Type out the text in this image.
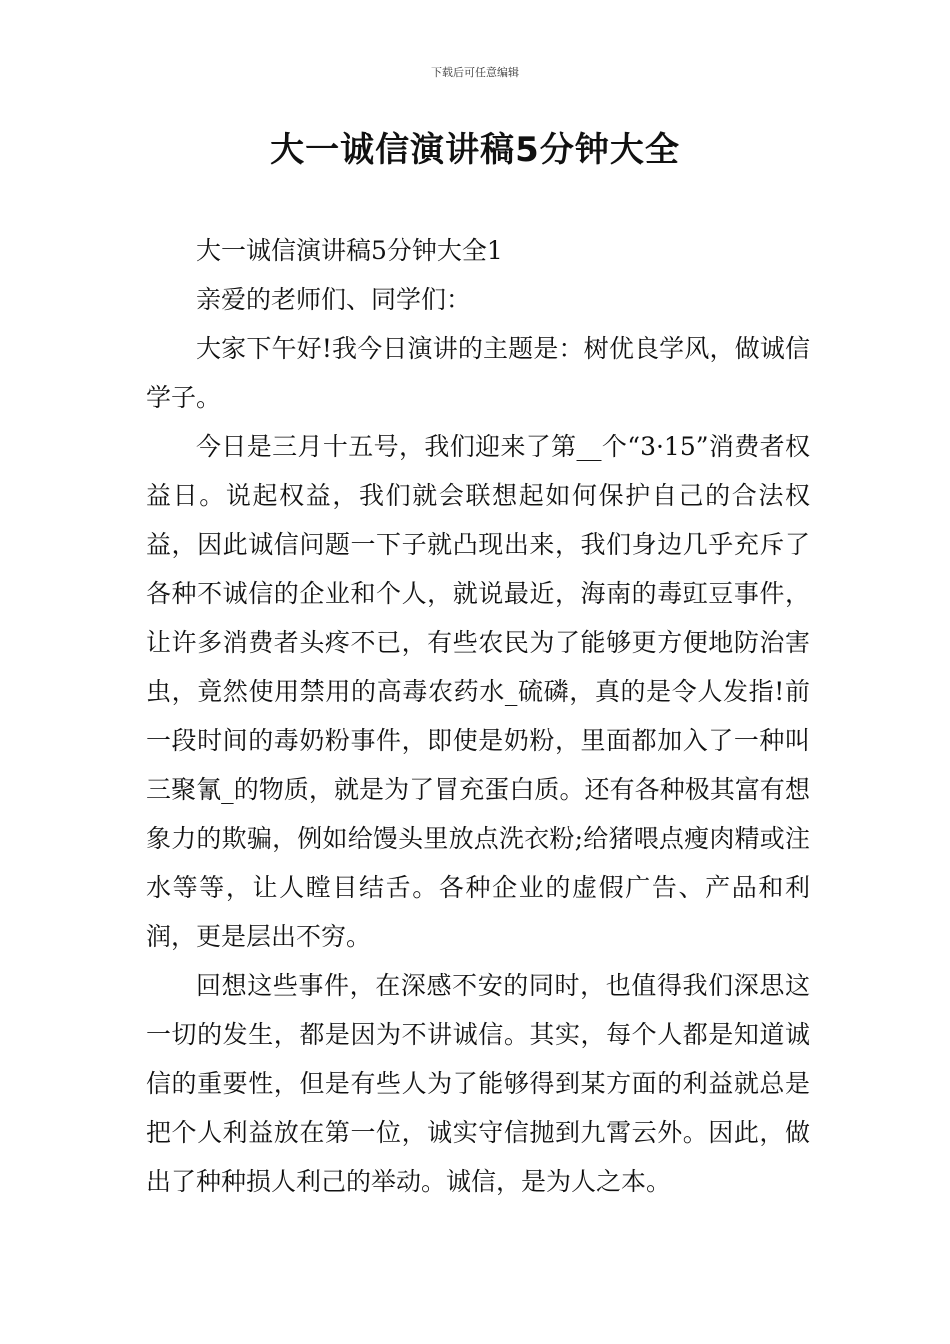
下载后可任意编辑
大一诚信演讲稿5分钟大全

大一诚信演讲稿5分钟大全1

亲爱的老师们、同学们：

大家下午好!我今日演讲的主题是：树优良学风，做诚信学子。

今日是三月十五号，我们迎来了第__个“3·15”消费者权益日。说起权益，我们就会联想起如何保护自己的合法权益，因此诚信问题一下子就凸现出来，我们身边几乎充斥了各种不诚信的企业和个人，就说最近，海南的毒豇豆事件，让许多消费者头疼不已，有些农民为了能够更方便地防治害虫，竟然使用禁用的高毒农药水_硫磷，真的是令人发指!前一段时间的毒奶粉事件，即使是奶粉，里面都加入了一种叫三聚氰_的物质，就是为了冒充蛋白质。还有各种极其富有想象力的欺骗，例如给馒头里放点洗衣粉;给猪喂点瘦肉精或注水等等，让人瞠目结舌。各种企业的虚假广告、产品和利润，更是层出不穷。

回想这些事件，在深感不安的同时，也值得我们深思这一切的发生，都是因为不讲诚信。其实，每个人都是知道诚信的重要性，但是有些人为了能够得到某方面的利益就总是把个人利益放在第一位，诚实守信抛到九霄云外。因此，做出了种种损人利己的举动。诚信，是为人之本。
